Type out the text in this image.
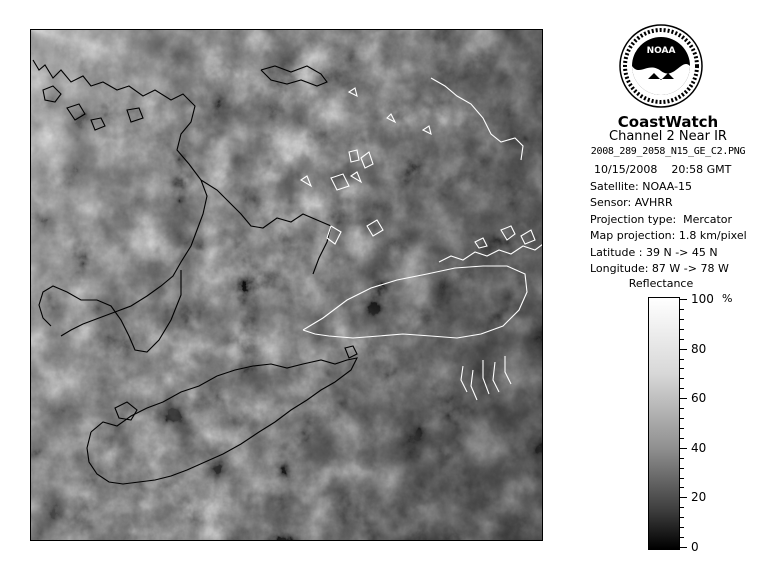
NOAA
CoastWatch
Channel 2 Near IR
2008_289_2058_N15_GE_C2.PNG
10/15/2008    20:58 GMT
Satellite: NOAA-15
Sensor: AVHRR
Projection type:  Mercator
Map projection: 1.8 km/pixel
Latitude : 39 N -> 45 N
Longitude: 87 W -> 78 W
Reflectance
%
100
80
60
40
20
0
